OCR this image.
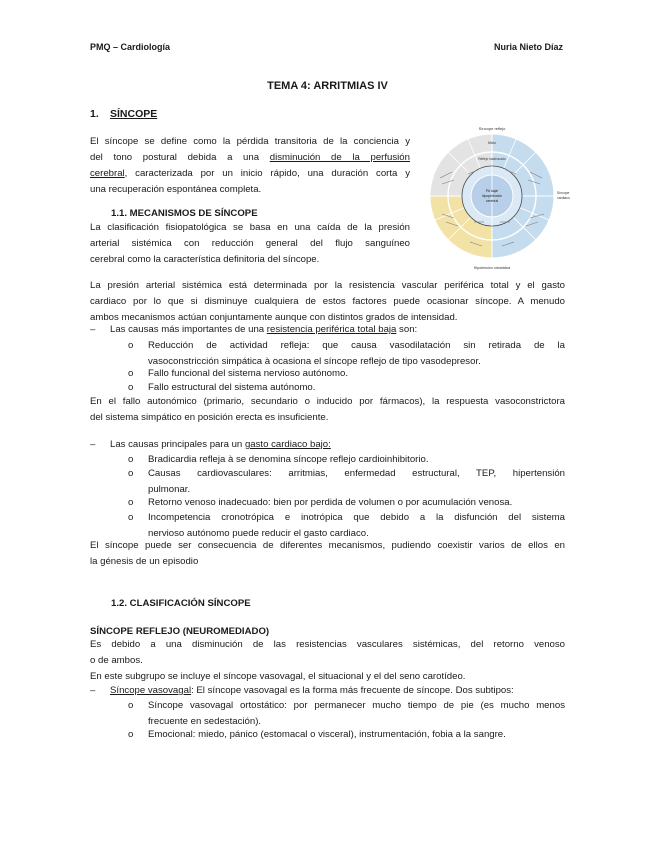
PMQ – Cardiología	Nuria Nieto Díaz
TEMA 4: ARRITMIAS IV
1. SÍNCOPE
El síncope se define como la pérdida transitoria de la conciencia y
del tono postural debida a una disminución de la perfusión
cerebral, caracterizada por un inicio rápido, una duración corta y
una recuperación espontánea completa.
1.1. MECANISMOS DE SÍNCOPE
La clasificación fisiopatológica se basa en una caída de la presión
arterial sistémica con reducción general del flujo sanguíneo
cerebral como la característica definitoria del síncope.
Síncope reflejo
PA baja/
hipoperfusión
cerebral
Mixto
Reflejo inadecuado
Síncope
cardiaco
Hipotensión ortostática
La presión arterial sistémica está determinada por la resistencia vascular periférica total y el gasto
cardiaco por lo que si disminuye cualquiera de estos factores puede ocasionar síncope. A menudo
ambos mecanismos actúan conjuntamente aunque con distintos grados de intensidad.
– Las causas más importantes de una resistencia periférica total baja son:
o Reducción de actividad refleja: que causa vasodilatación sin retirada de la
vasoconstricción simpática à ocasiona el síncope reflejo de tipo vasodepresor.
o Fallo funcional del sistema nervioso autónomo.
o Fallo estructural del sistema autónomo.
En el fallo autonómico (primario, secundario o inducido por fármacos), la respuesta vasoconstrictora
del sistema simpático en posición erecta es insuficiente.
– Las causas principales para un gasto cardiaco bajo:
o Bradicardia refleja à se denomina síncope reflejo cardioinhibitorio.
o Causas cardiovasculares: arritmias, enfermedad estructural, TEP, hipertensión
pulmonar.
o Retorno venoso inadecuado: bien por perdida de volumen o por acumulación venosa.
o Incompetencia cronotrópica e inotrópica que debido a la disfunción del sistema
nervioso autónomo puede reducir el gasto cardiaco.
El síncope puede ser consecuencia de diferentes mecanismos, pudiendo coexistir varios de ellos en
la génesis de un episodio
1.2. CLASIFICACIÓN SÍNCOPE
SÍNCOPE REFLEJO (NEUROMEDIADO)
Es debido a una disminución de las resistencias vasculares sistémicas, del retorno venoso
o de ambos.
En este subgrupo se incluye el síncope vasovagal, el situacional y el del seno carotídeo.
– Síncope vasovagal: El síncope vasovagal es la forma más frecuente de síncope. Dos subtipos:
o Síncope vasovagal ortostático: por permanecer mucho tiempo de pie (es mucho menos
frecuente en sedestación).
o Emocional: miedo, pánico (estomacal o visceral), instrumentación, fobia a la sangre.
